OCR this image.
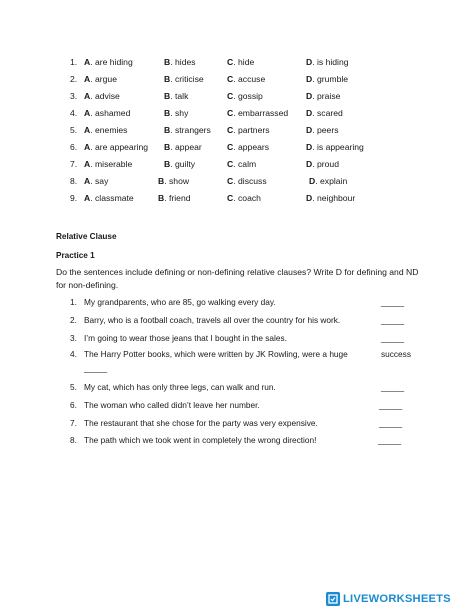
1. A. are hiding	B. hides	C. hide	D. is hiding
2. A. argue	B. criticise	C. accuse	D. grumble
3. A. advise	B. talk	C. gossip	D. praise
4. A. ashamed	B. shy	C. embarrassed D. scared
5. A. enemies	B. strangers C. partners	D. peers
6. A. are appearing B. appear	C. appears	D. is appearing
7. A. miserable	B. guilty	C. calm	D. proud
8. A. say	B. show	C. discuss	D. explain
9. A. classmate	B. friend	C. coach	D. neighbour
Relative Clause
Practice 1
Do the sentences include defining or non-defining relative clauses? Write D for defining and ND for non-defining.
1. My grandparents, who are 85, go walking every day.	_____
2. Barry, who is a football coach, travels all over the country for his work.	_____
3. I’m going to wear those jeans that I bought in the sales.	_____
4. The Harry Potter books, which were written by JK Rowling, were a huge	success
_____
5. My cat, which has only three legs, can walk and run.	_____
6. The woman who called didn’t leave her number.	_____
7. The restaurant that she chose for the party was very expensive.	_____
8. The path which we took went in completely the wrong direction!	_____
LIVEWORKSHEETS
